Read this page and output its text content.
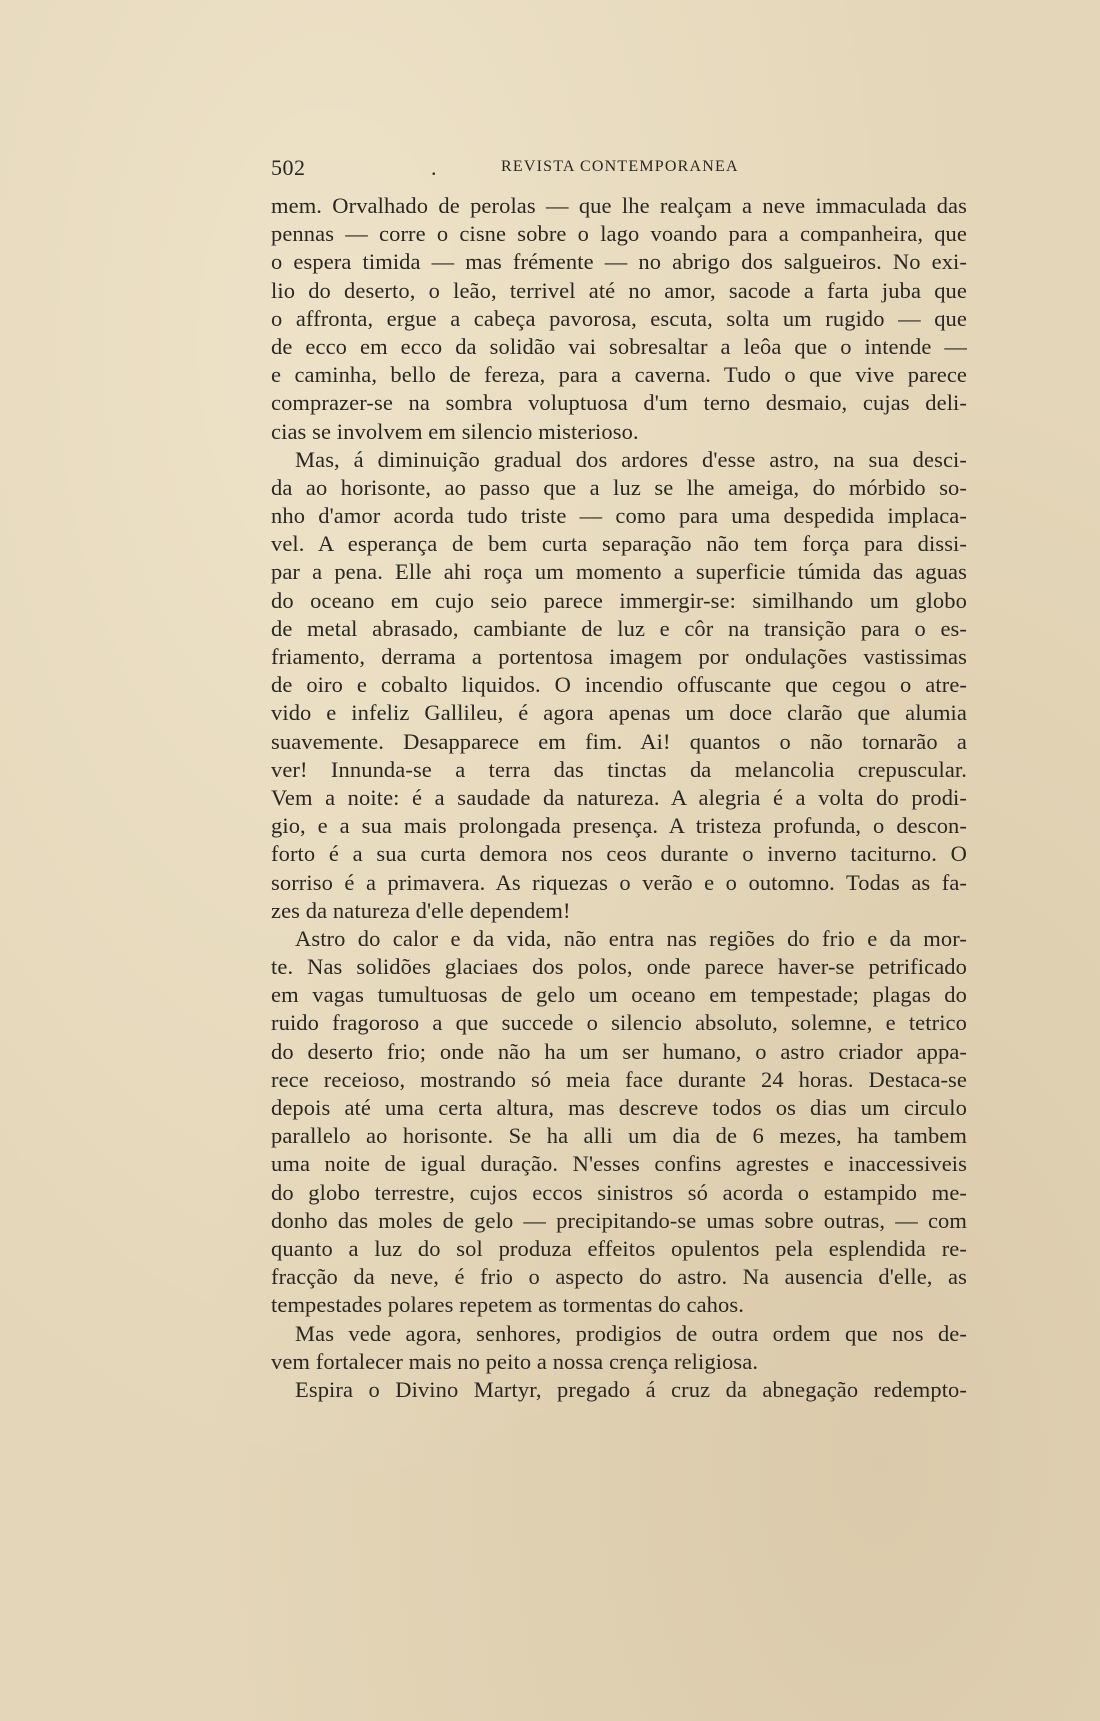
502	.	REVISTA CONTEMPORANEA
mem. Orvalhado de perolas — que lhe realçam a neve immaculada das
pennas — corre o cisne sobre o lago voando para a companheira, que
o espera timida — mas frémente — no abrigo dos salgueiros. No exi-
lio do deserto, o leão, terrivel até no amor, sacode a farta juba que
o affronta, ergue a cabeça pavorosa, escuta, solta um rugido — que
de ecco em ecco da solidão vai sobresaltar a leôa que o intende —
e caminha, bello de fereza, para a caverna. Tudo o que vive parece
comprazer-se na sombra voluptuosa d'um terno desmaio, cujas deli-
cias se involvem em silencio misterioso.
Mas, á diminuição gradual dos ardores d'esse astro, na sua desci-
da ao horisonte, ao passo que a luz se lhe ameiga, do mórbido so-
nho d'amor acorda tudo triste — como para uma despedida implaca-
vel. A esperança de bem curta separação não tem força para dissi-
par a pena. Elle ahi roça um momento a superficie túmida das aguas
do oceano em cujo seio parece immergir-se: similhando um globo
de metal abrasado, cambiante de luz e côr na transição para o es-
friamento, derrama a portentosa imagem por ondulações vastissimas
de oiro e cobalto liquidos. O incendio offuscante que cegou o atre-
vido e infeliz Gallileu, é agora apenas um doce clarão que alumia
suavemente. Desapparece em fim. Ai! quantos o não tornarão a
ver! Innunda-se a terra das tinctas da melancolia crepuscular.
Vem a noite: é a saudade da natureza. A alegria é a volta do prodi-
gio, e a sua mais prolongada presença. A tristeza profunda, o descon-
forto é a sua curta demora nos ceos durante o inverno taciturno. O
sorriso é a primavera. As riquezas o verão e o outomno. Todas as fa-
zes da natureza d'elle dependem!
Astro do calor e da vida, não entra nas regiões do frio e da mor-
te. Nas solidões glaciaes dos polos, onde parece haver-se petrificado
em vagas tumultuosas de gelo um oceano em tempestade; plagas do
ruido fragoroso a que succede o silencio absoluto, solemne, e tetrico
do deserto frio; onde não ha um ser humano, o astro criador appa-
rece receioso, mostrando só meia face durante 24 horas. Destaca-se
depois até uma certa altura, mas descreve todos os dias um circulo
parallelo ao horisonte. Se ha alli um dia de 6 mezes, ha tambem
uma noite de igual duração. N'esses confins agrestes e inaccessiveis
do globo terrestre, cujos eccos sinistros só acorda o estampido me-
donho das moles de gelo — precipitando-se umas sobre outras, — com
quanto a luz do sol produza effeitos opulentos pela esplendida re-
fracção da neve, é frio o aspecto do astro. Na ausencia d'elle, as
tempestades polares repetem as tormentas do cahos.
Mas vede agora, senhores, prodigios de outra ordem que nos de-
vem fortalecer mais no peito a nossa crença religiosa.
Espira o Divino Martyr, pregado á cruz da abnegação redempto-
